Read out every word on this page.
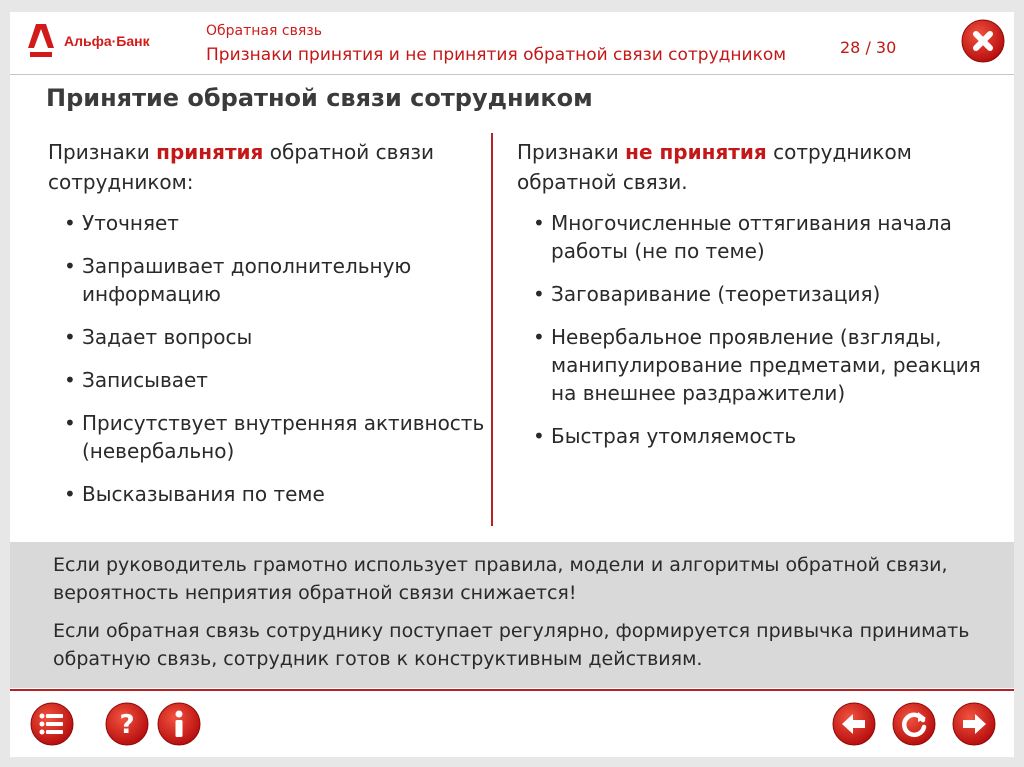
Альфа·Банк
Обратная связь
Признаки принятия и не принятия обратной связи сотрудником	28 / 30
Принятие обратной связи сотрудником

Признаки принятия обратной связи сотрудником:

• Уточняет
• Запрашивает дополнительную информацию
• Задает вопросы
• Записывает
• Присутствует внутренняя активность (невербально)
• Высказывания по теме

Признаки не принятия сотрудником обратной связи.

• Многочисленные оттягивания начала работы (не по теме)
• Заговаривание (теоретизация)
• Невербальное проявление (взгляды, манипулирование предметами, реакция на внешнее раздражители)
• Быстрая утомляемость
Если руководитель грамотно использует правила, модели и алгоритмы обратной связи, вероятность неприятия обратной связи снижается!
Если обратная связь сотруднику поступает регулярно, формируется привычка принимать обратную связь, сотрудник готов к конструктивным действиям.
?
